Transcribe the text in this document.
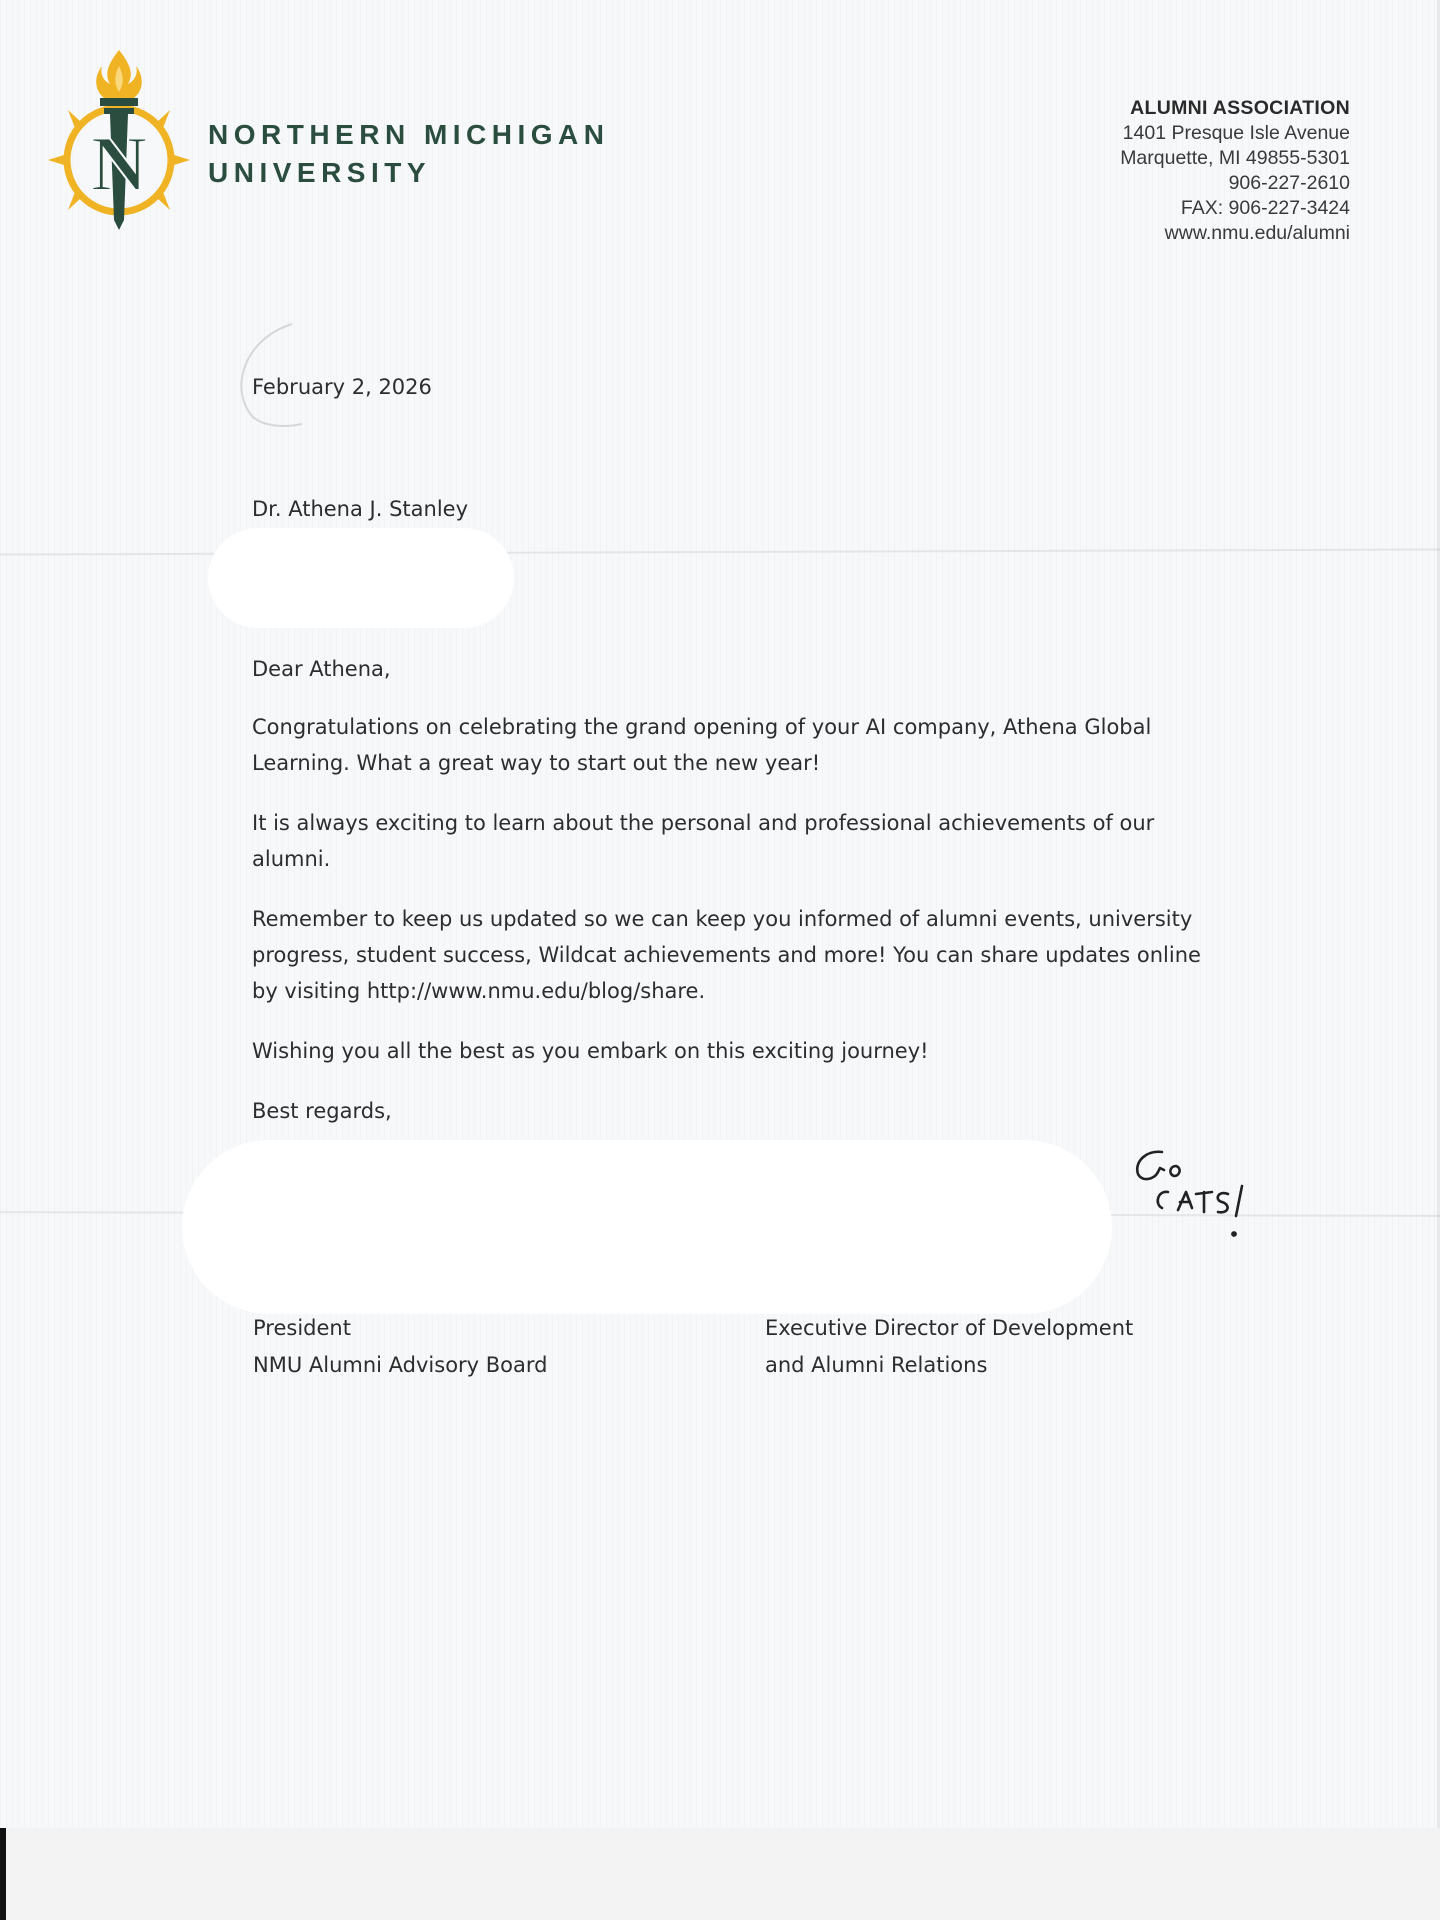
N NORTHERN MICHIGAN
UNIVERSITY
ALUMNI ASSOCIATION
1401 Presque Isle Avenue
Marquette, MI 49855-5301
906-227-2610
FAX: 906-227-3424
www.nmu.edu/alumni
February 2, 2026
Dr. Athena J. Stanley
Dear Athena,

Congratulations on celebrating the grand opening of your AI company, Athena Global Learning. What a great way to start out the new year!

It is always exciting to learn about the personal and professional achievements of our alumni.

Remember to keep us updated so we can keep you informed of alumni events, university progress, student success, Wildcat achievements and more! You can share updates online by visiting http://www.nmu.edu/blog/share.

Wishing you all the best as you embark on this exciting journey!

Best regards,
President
NMU Alumni Advisory Board
Executive Director of Development
and Alumni Relations
